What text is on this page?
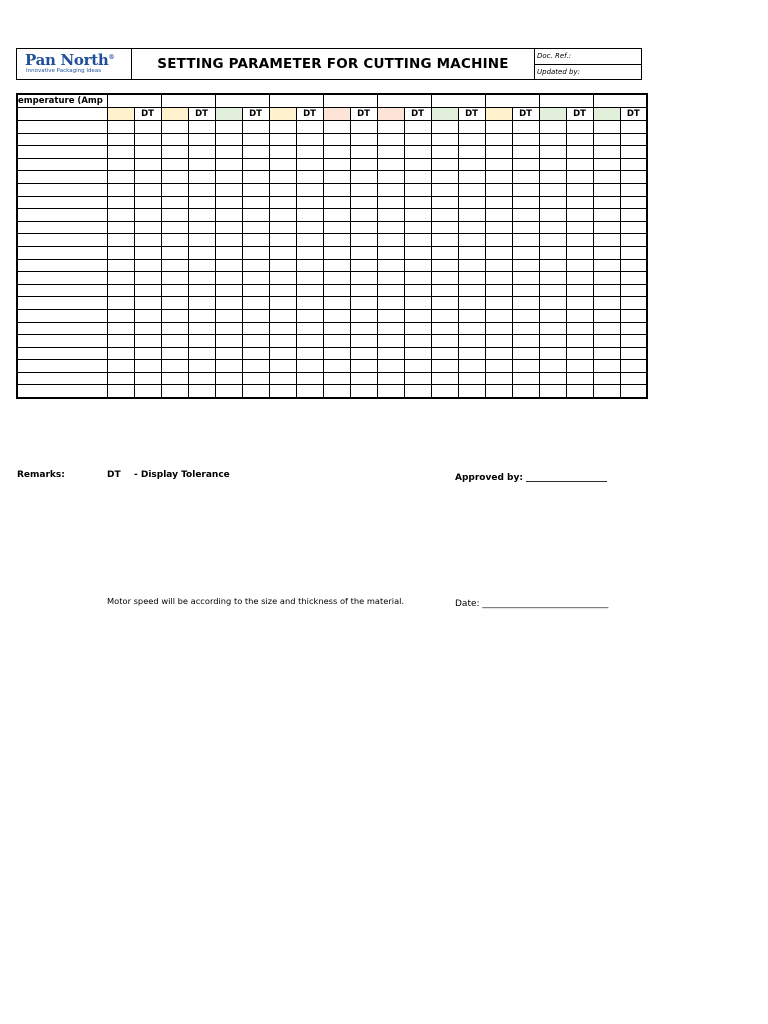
Pan North®
Innovative Packaging Ideas	SETTING PARAMETER FOR CUTTING MACHINE	Doc. Ref.:
Updated by:
emperature (Amp																				
		DT		DT		DT		DT		DT		DT		DT		DT		DT		DT

Remarks:	DT - Display Tolerance	Approved by: __________________
Motor speed will be according to the size and thickness of the material.	Date: ____________________________
